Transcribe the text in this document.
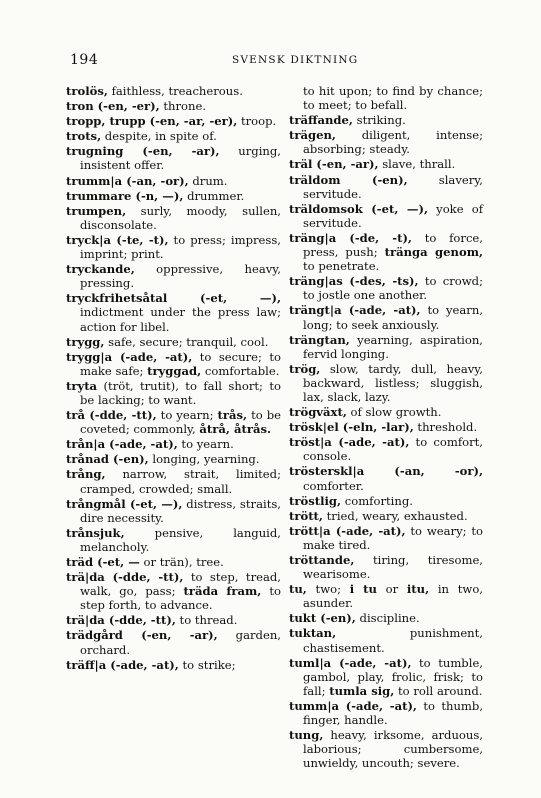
194	SVENSK DIKTNING

trolös, faithless, treacherous.

tron (-en, -er), throne.

tropp, trupp (-en, -ar, -er), troop.

trots, despite, in spite of.

trugning (-en, -ar), urging, insistent offer.

trumm|a (-an, -or), drum.

trummare (-n, —), drummer.

trumpen, surly, moody, sullen, disconsolate.

tryck|a (-te, -t), to press; impress, imprint; print.

tryckande, oppressive, heavy, pressing.

tryckfrihetsåtal (-et, —), indictment under the press law; action for libel.

trygg, safe, secure; tranquil, cool.

trygg|a (-ade, -at), to secure; to make safe; tryggad, comfortable.

tryta (tröt, trutit), to fall short; to be lacking; to want.

trå (-dde, -tt), to yearn; trås, to be coveted; commonly, åtrå, åtrås.

trån|a (-ade, -at), to yearn.

trånad (-en), longing, yearning.

trång, narrow, strait, limited; cramped, crowded; small.

trångmål (-et, —), distress, straits, dire necessity.

trånsjuk, pensive, languid, melancholy.

träd (-et, — or trän), tree.

trä|da (-dde, -tt), to step, tread, walk, go, pass; träda fram, to step forth, to advance.

trä|da (-dde, -tt), to thread.

trädgård (-en, -ar), garden, orchard.

träff|a (-ade, -at), to strike;

to hit upon; to find by chance; to meet; to befall.

träffande, striking.

trägen, diligent, intense; absorbing; steady.

träl (-en, -ar), slave, thrall.

träldom (-en), slavery, servitude.

träldomsok (-et, —), yoke of servitude.

träng|a (-de, -t), to force, press, push; tränga genom, to penetrate.

träng|as (-des, -ts), to crowd; to jostle one another.

trängt|a (-ade, -at), to yearn, long; to seek anxiously.

trängtan, yearning, aspiration, fervid longing.

trög, slow, tardy, dull, heavy, backward, listless; sluggish, lax, slack, lazy.

trögväxt, of slow growth.

trösk|el (-eln, -lar), threshold.

tröst|a (-ade, -at), to comfort, console.

trösterskl|a (-an, -or), comforter.

tröstlig, comforting.

trött, tried, weary, exhausted.

trött|a (-ade, -at), to weary; to make tired.

tröttande, tiring, tiresome, wearisome.

tu, two; i tu or itu, in two, asunder.

tukt (-en), discipline.

tuktan, punishment, chastisement.

tuml|a (-ade, -at), to tumble, gambol, play, frolic, frisk; to fall; tumla sig, to roll around.

tumm|a (-ade, -at), to thumb, finger, handle.

tung, heavy, irksome, arduous, laborious; cumbersome, unwieldy, uncouth; severe.
